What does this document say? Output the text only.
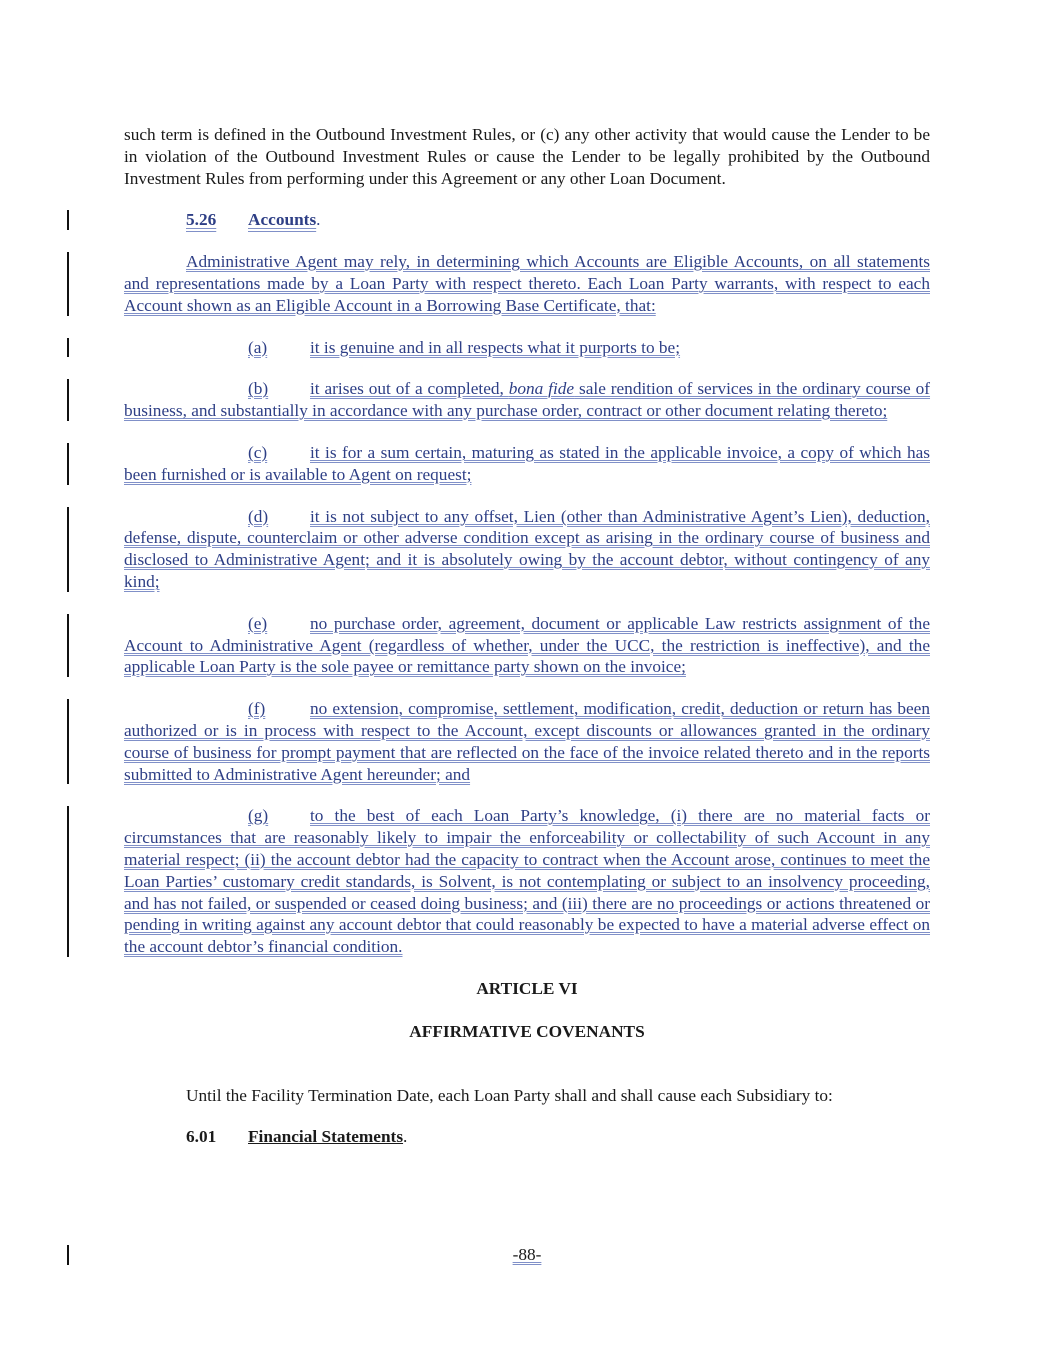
such term is defined in the Outbound Investment Rules, or (c) any other activity that would cause the Lender to be in violation of the Outbound Investment Rules or cause the Lender to be legally prohibited by the Outbound Investment Rules from performing under this Agreement or any other Loan Document.

5.26 Accounts.

Administrative Agent may rely, in determining which Accounts are Eligible Accounts, on all statements and representations made by a Loan Party with respect thereto. Each Loan Party warrants, with respect to each Account shown as an Eligible Account in a Borrowing Base Certificate, that:

(a) it is genuine and in all respects what it purports to be;

(b) it arises out of a completed, bona fide sale rendition of services in the ordinary course of business, and substantially in accordance with any purchase order, contract or other document relating thereto;

(c) it is for a sum certain, maturing as stated in the applicable invoice, a copy of which has been furnished or is available to Agent on request;

(d) it is not subject to any offset, Lien (other than Administrative Agent’s Lien), deduction, defense, dispute, counterclaim or other adverse condition except as arising in the ordinary course of business and disclosed to Administrative Agent; and it is absolutely owing by the account debtor, without contingency of any kind;

(e) no purchase order, agreement, document or applicable Law restricts assignment of the Account to Administrative Agent (regardless of whether, under the UCC, the restriction is ineffective), and the applicable Loan Party is the sole payee or remittance party shown on the invoice;

(f)	no extension, compromise, settlement, modification, credit, deduction or return has been authorized or is in process with respect to the Account, except discounts or allowances granted in the ordinary course of business for prompt payment that are reflected on the face of the invoice related thereto and in the reports submitted to Administrative Agent hereunder; and

(g) to the best of each Loan Party’s knowledge, (i) there are no material facts or circumstances that are reasonably likely to impair the enforceability or collectability of such Account in any material respect; (ii) the account debtor had the capacity to contract when the Account arose, continues to meet the Loan Parties’ customary credit standards, is Solvent, is not contemplating or subject to an insolvency proceeding, and has not failed, or suspended or ceased doing business; and (iii) there are no proceedings or actions threatened or pending in writing against any account debtor that could reasonably be expected to have a material adverse effect on the account debtor’s financial condition.

ARTICLE VI
AFFIRMATIVE COVENANTS

Until the Facility Termination Date, each Loan Party shall and shall cause each Subsidiary to:

6.01 Financial Statements.

-88-
